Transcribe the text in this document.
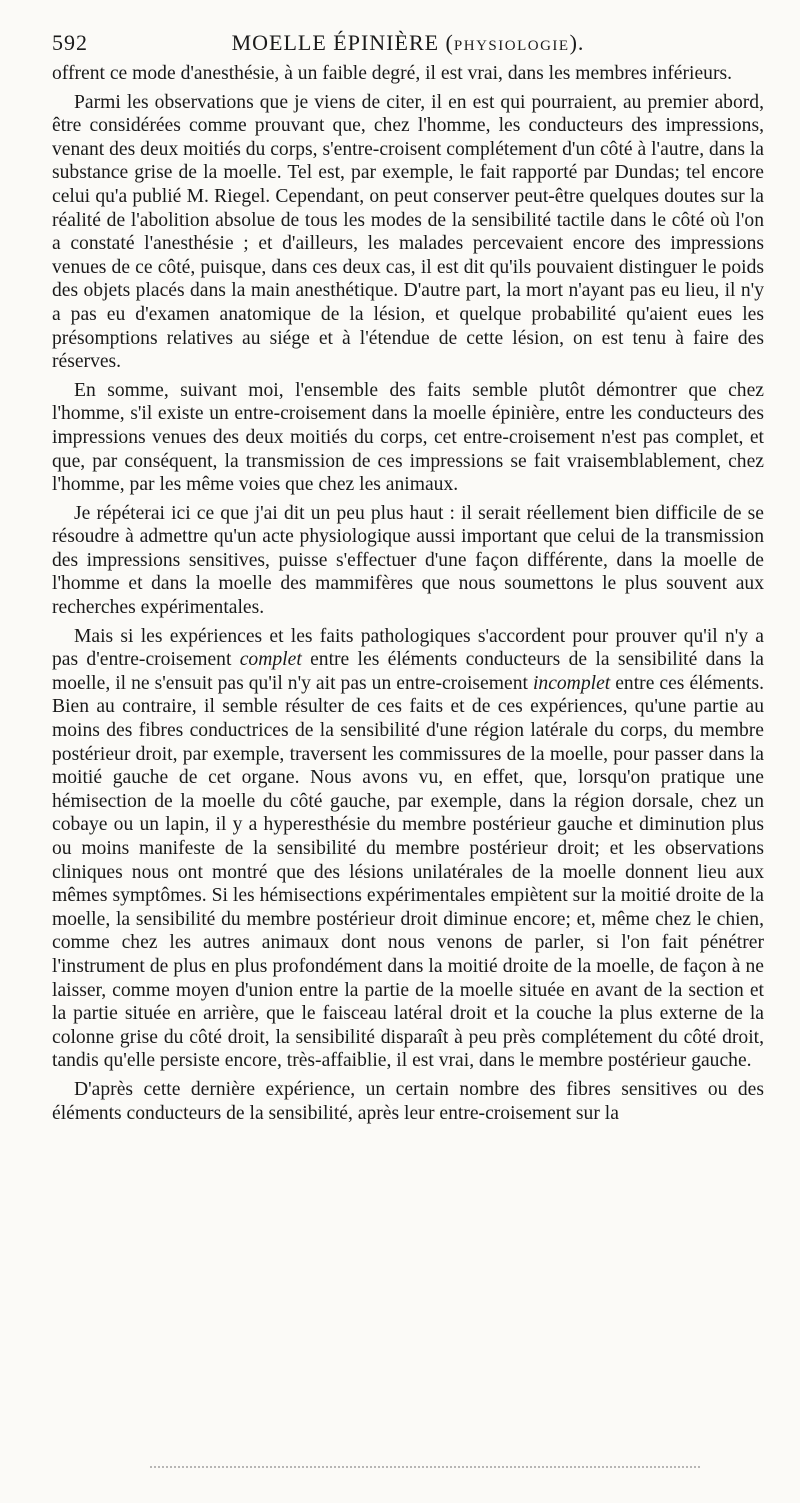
592	MOELLE ÉPINIÈRE (PHYSIOLOGIE).

offrent ce mode d'anesthésie, à un faible degré, il est vrai, dans les membres inférieurs.

Parmi les observations que je viens de citer, il en est qui pourraient, au premier abord, être considérées comme prouvant que, chez l'homme, les conducteurs des impressions, venant des deux moitiés du corps, s'entre-croisent complétement d'un côté à l'autre, dans la substance grise de la moelle. Tel est, par exemple, le fait rapporté par Dundas; tel encore celui qu'a publié M. Riegel. Cependant, on peut conserver peut-être quelques doutes sur la réalité de l'abolition absolue de tous les modes de la sensibilité tactile dans le côté où l'on a constaté l'anesthésie ; et d'ailleurs, les malades percevaient encore des impressions venues de ce côté, puisque, dans ces deux cas, il est dit qu'ils pouvaient distinguer le poids des objets placés dans la main anesthétique. D'autre part, la mort n'ayant pas eu lieu, il n'y a pas eu d'examen anatomique de la lésion, et quelque probabilité qu'aient eues les présomptions relatives au siége et à l'étendue de cette lésion, on est tenu à faire des réserves.

En somme, suivant moi, l'ensemble des faits semble plutôt démontrer que chez l'homme, s'il existe un entre-croisement dans la moelle épinière, entre les conducteurs des impressions venues des deux moitiés du corps, cet entre-croisement n'est pas complet, et que, par conséquent, la transmission de ces impressions se fait vraisemblablement, chez l'homme, par les même voies que chez les animaux.

Je répéterai ici ce que j'ai dit un peu plus haut : il serait réellement bien difficile de se résoudre à admettre qu'un acte physiologique aussi important que celui de la transmission des impressions sensitives, puisse s'effectuer d'une façon différente, dans la moelle de l'homme et dans la moelle des mammifères que nous soumettons le plus souvent aux recherches expérimentales.

Mais si les expériences et les faits pathologiques s'accordent pour prouver qu'il n'y a pas d'entre-croisement complet entre les éléments conducteurs de la sensibilité dans la moelle, il ne s'ensuit pas qu'il n'y ait pas un entre-croisement incomplet entre ces éléments. Bien au contraire, il semble résulter de ces faits et de ces expériences, qu'une partie au moins des fibres conductrices de la sensibilité d'une région latérale du corps, du membre postérieur droit, par exemple, traversent les commissures de la moelle, pour passer dans la moitié gauche de cet organe. Nous avons vu, en effet, que, lorsqu'on pratique une hémisection de la moelle du côté gauche, par exemple, dans la région dorsale, chez un cobaye ou un lapin, il y a hyperesthésie du membre postérieur gauche et diminution plus ou moins manifeste de la sensibilité du membre postérieur droit; et les observations cliniques nous ont montré que des lésions unilatérales de la moelle donnent lieu aux mêmes symptômes. Si les hémisections expérimentales empiètent sur la moitié droite de la moelle, la sensibilité du membre postérieur droit diminue encore; et, même chez le chien, comme chez les autres animaux dont nous venons de parler, si l'on fait pénétrer l'instrument de plus en plus profondément dans la moitié droite de la moelle, de façon à ne laisser, comme moyen d'union entre la partie de la moelle située en avant de la section et la partie située en arrière, que le faisceau latéral droit et la couche la plus externe de la colonne grise du côté droit, la sensibilité disparaît à peu près complétement du côté droit, tandis qu'elle persiste encore, très-affaiblie, il est vrai, dans le membre postérieur gauche.

D'après cette dernière expérience, un certain nombre des fibres sensitives ou des éléments conducteurs de la sensibilité, après leur entre-croisement sur la
